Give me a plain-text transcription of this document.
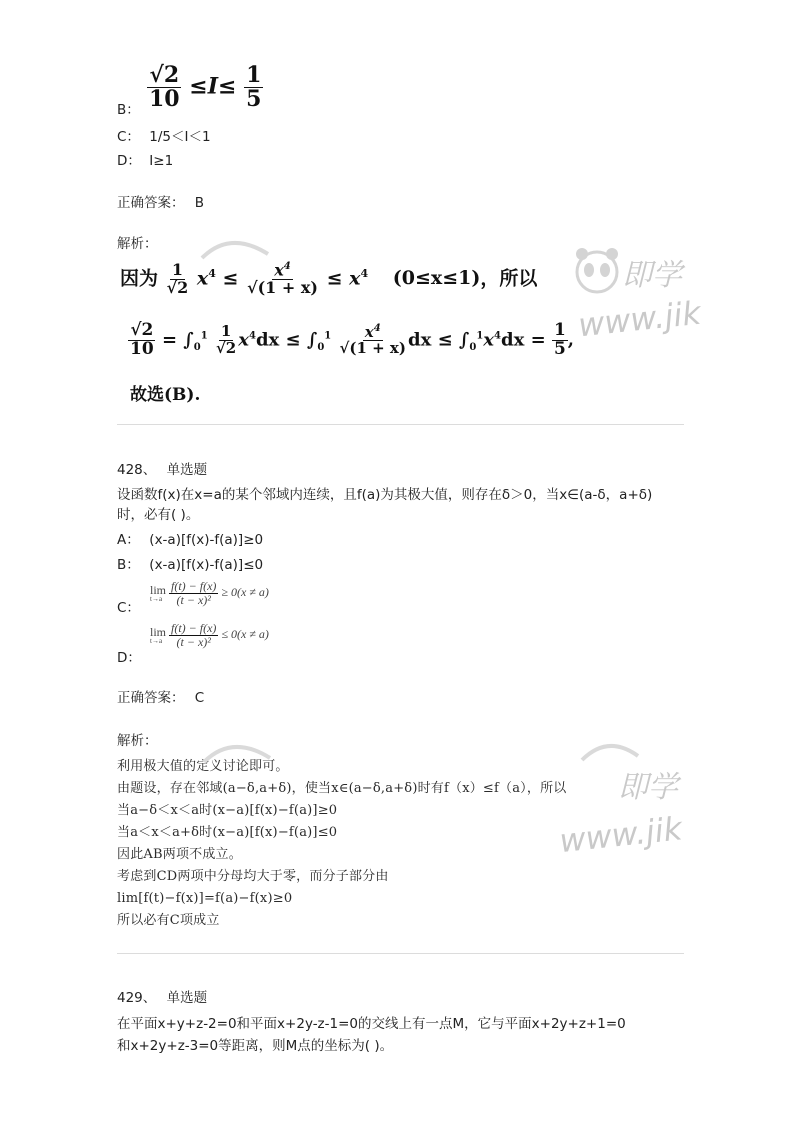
$\frac{√2}{10} \le I\le \frac{1}{5}$
B：
C： 1/5＜I＜1
D： I≥1
正确答案： B
解析：
因为 $\frac{1}{√2} x^4 \le \frac{x^4}{√(1 + x)} \le x^4$ (0≤x≤1)，所以
$\frac{√2}{10} = \int_0^1 \frac{1}{√2} x^4dx \le \int_0^1 \frac{x^4}{√(1 + x)}$ dx ≤ $\int_0^1x^4dx = \frac{1}{5}$ ,
故选(B).
即学
www.jik
428、 单选题
设函数f(x)在x=a的某个邻域内连续，且f(a)为其极大值，则存在δ＞0，当x∈(a-δ，a+δ)
时，必有( )。
A： (x-a)[f(x)-f(a)]≥0
B： (x-a)[f(x)-f(a)]≤0
C：
lim
t→a
$\frac{f(t) - f(x)}{\text{(t − x)²}} \ge 0(x \ne a)$
D：
lim
t→a
$\frac{f(t) - f(x)}{\text{(t − x)²}} \le 0(x \ne a)$
正确答案： C
解析：
利用极大值的定义讨论即可。
由题设，存在邻域(a−δ,a+δ)，使当x∈(a−δ,a+δ)时有f（x）≤f（a），所以
当a−δ＜x＜a时(x−a)[f(x)−f(a)]≥0
当a＜x＜a+δ时(x−a)[f(x)−f(a)]≤0
因此AB两项不成立。
考虑到CD两项中分母均大于零，而分子部分由
lim[f(t)−f(x)]=f(a)−f(x)≥0
所以必有C项成立
即学
www.jik
429、 单选题
在平面x+y+z-2=0和平面x+2y-z-1=0的交线上有一点M，它与平面x+2y+z+1=0
和x+2y+z-3=0等距离，则M点的坐标为( )。
